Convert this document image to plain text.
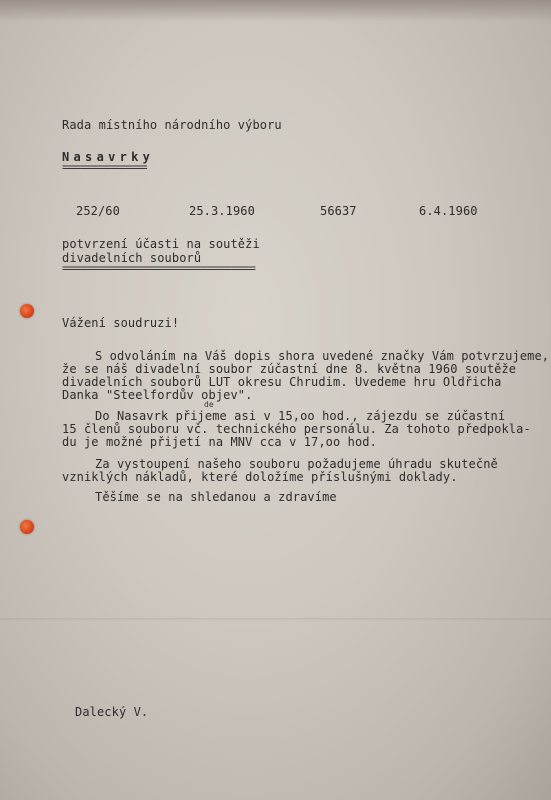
Rada místního národního výboru
Nasavrky
==============
252/60	25.3.1960	56637	6.4.1960
potvrzení účasti na soutěži
divadelních souborů
================================
Vážení soudruzi!
S odvoláním na Váš dopis shora uvedené značky Vám potvrzujeme,
že se náš divadelní soubor zúčastní dne 8. května 1960 soutěže
divadelních souborů LUT okresu Chrudim. Uvedeme hru Oldřicha
Danka "Steelfordův objev".
de
Do Nasavrk přijeme asi v 15,oo hod., zájezdu se zúčastní
15 členů souboru vč. technického personálu. Za tohoto předpokla-
du je možné přijetí na MNV cca v 17,oo hod.
Za vystoupení našeho souboru požadujeme úhradu skutečně
vzniklých nákladů, které doložíme příslušnými doklady.
Těšíme se na shledanou a zdravíme
Dalecký V.
